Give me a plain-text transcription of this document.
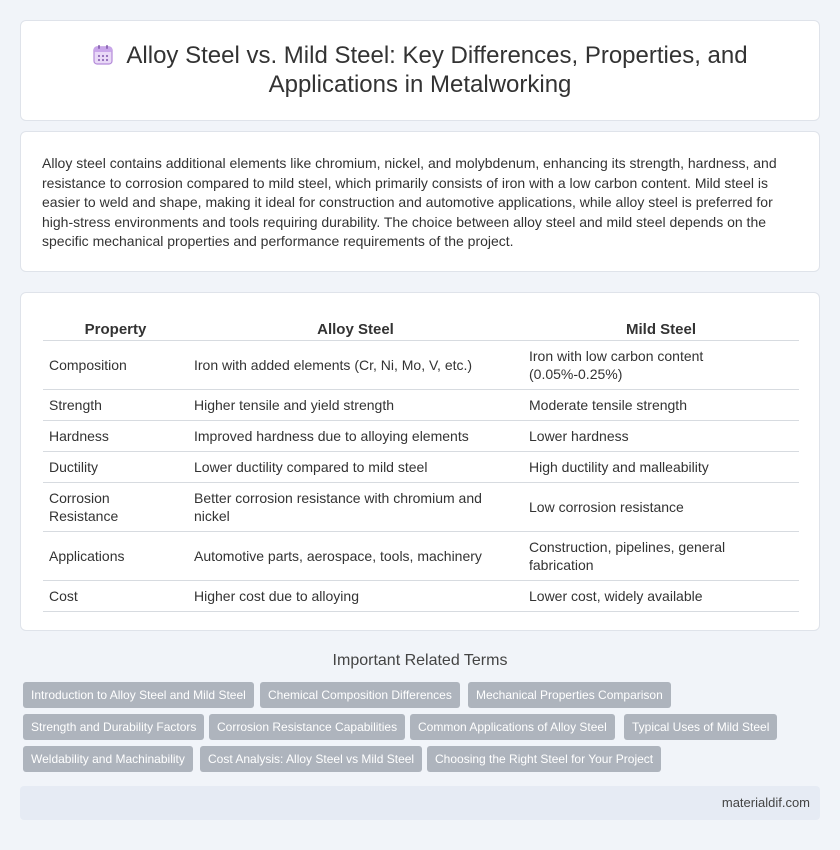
Alloy Steel vs. Mild Steel: Key Differences, Properties, and
Applications in Metalworking

Alloy steel contains additional elements like chromium, nickel, and molybdenum, enhancing its strength, hardness, and resistance to corrosion compared to mild steel, which primarily consists of iron with a low carbon content. Mild steel is easier to weld and shape, making it ideal for construction and automotive applications, while alloy steel is preferred for high-stress environments and tools requiring durability. The choice between alloy steel and mild steel depends on the specific mechanical properties and performance requirements of the project.

Property	Alloy Steel	Mild Steel
Composition	Iron with added elements (Cr, Ni, Mo, V, etc.)	Iron with low carbon content (0.05%-0.25%)
Strength	Higher tensile and yield strength	Moderate tensile strength
Hardness	Improved hardness due to alloying elements	Lower hardness
Ductility	Lower ductility compared to mild steel	High ductility and malleability
Corrosion Resistance	Better corrosion resistance with chromium and nickel	Low corrosion resistance
Applications	Automotive parts, aerospace, tools, machinery	Construction, pipelines, general fabrication
Cost	Higher cost due to alloying	Lower cost, widely available
Important Related Terms
Introduction to Alloy Steel and Mild Steel	Chemical Composition Differences	Mechanical Properties Comparison
Strength and Durability Factors	Corrosion Resistance Capabilities	Common Applications of Alloy Steel	Typical Uses of Mild Steel
Weldability and Machinability	Cost Analysis: Alloy Steel vs Mild Steel	Choosing the Right Steel for Your Project
materialdif.com
